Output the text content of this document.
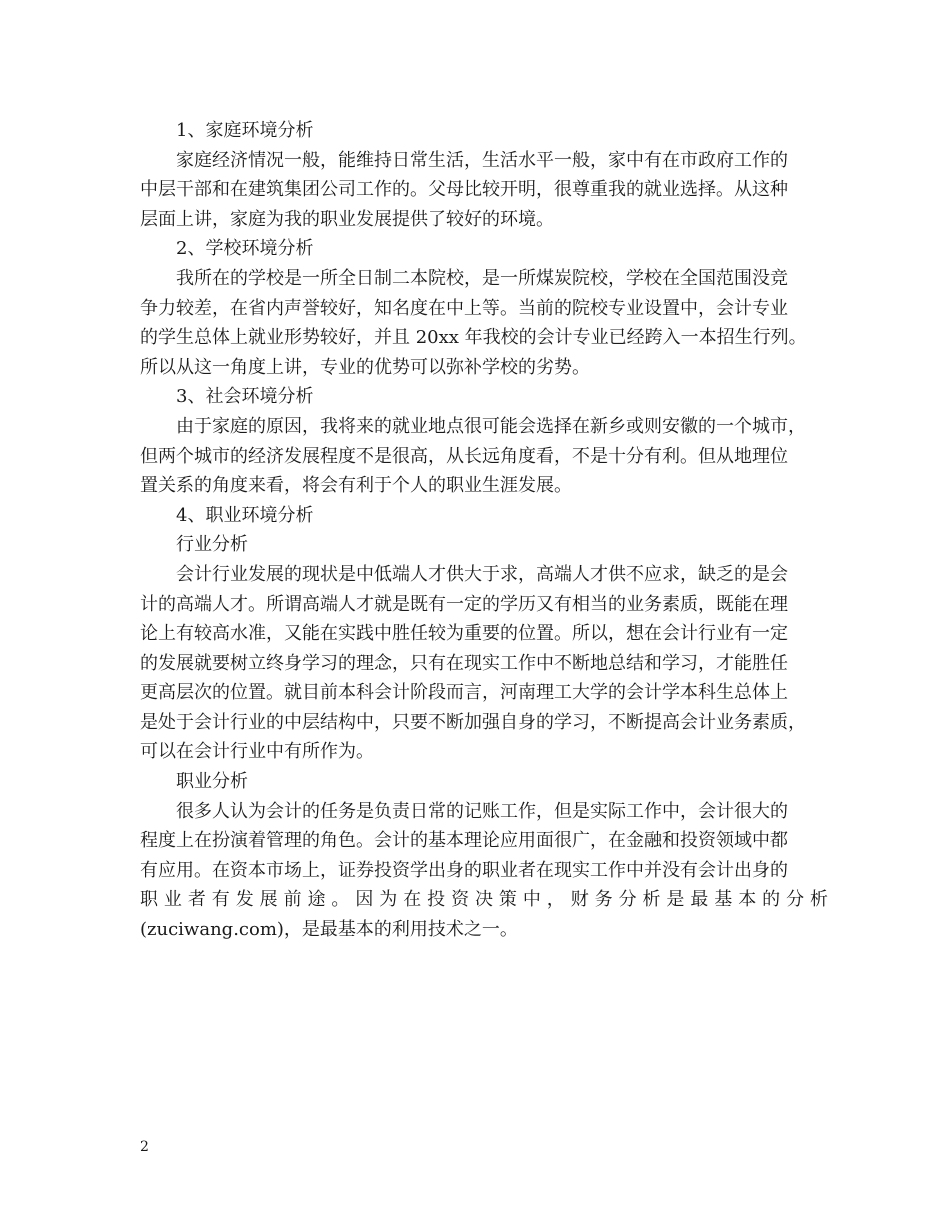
1、家庭环境分析

家庭经济情况一般，能维持日常生活，生活水平一般，家中有在市政府工作的

中层干部和在建筑集团公司工作的。父母比较开明，很尊重我的就业选择。从这种

层面上讲，家庭为我的职业发展提供了较好的环境。

2、学校环境分析

我所在的学校是一所全日制二本院校，是一所煤炭院校，学校在全国范围没竞

争力较差，在省内声誉较好，知名度在中上等。当前的院校专业设置中，会计专业

的学生总体上就业形势较好，并且 20xx 年我校的会计专业已经跨入一本招生行列。

所以从这一角度上讲，专业的优势可以弥补学校的劣势。

3、社会环境分析

由于家庭的原因，我将来的就业地点很可能会选择在新乡或则安徽的一个城市，

但两个城市的经济发展程度不是很高，从长远角度看，不是十分有利。但从地理位

置关系的角度来看，将会有利于个人的职业生涯发展。

4、职业环境分析

行业分析

会计行业发展的现状是中低端人才供大于求，高端人才供不应求，缺乏的是会

计的高端人才。所谓高端人才就是既有一定的学历又有相当的业务素质，既能在理

论上有较高水准，又能在实践中胜任较为重要的位置。所以，想在会计行业有一定

的发展就要树立终身学习的理念，只有在现实工作中不断地总结和学习，才能胜任

更高层次的位置。就目前本科会计阶段而言，河南理工大学的会计学本科生总体上

是处于会计行业的中层结构中，只要不断加强自身的学习，不断提高会计业务素质，

可以在会计行业中有所作为。

职业分析

很多人认为会计的任务是负责日常的记账工作，但是实际工作中，会计很大的

程度上在扮演着管理的角色。会计的基本理论应用面很广，在金融和投资领域中都

有应用。在资本市场上，证券投资学出身的职业者在现实工作中并没有会计出身的

职业者有发展前途。因为在投资决策中，财务分析是最基本的分析

(zuciwang.com)，是最基本的利用技术之一。

2
